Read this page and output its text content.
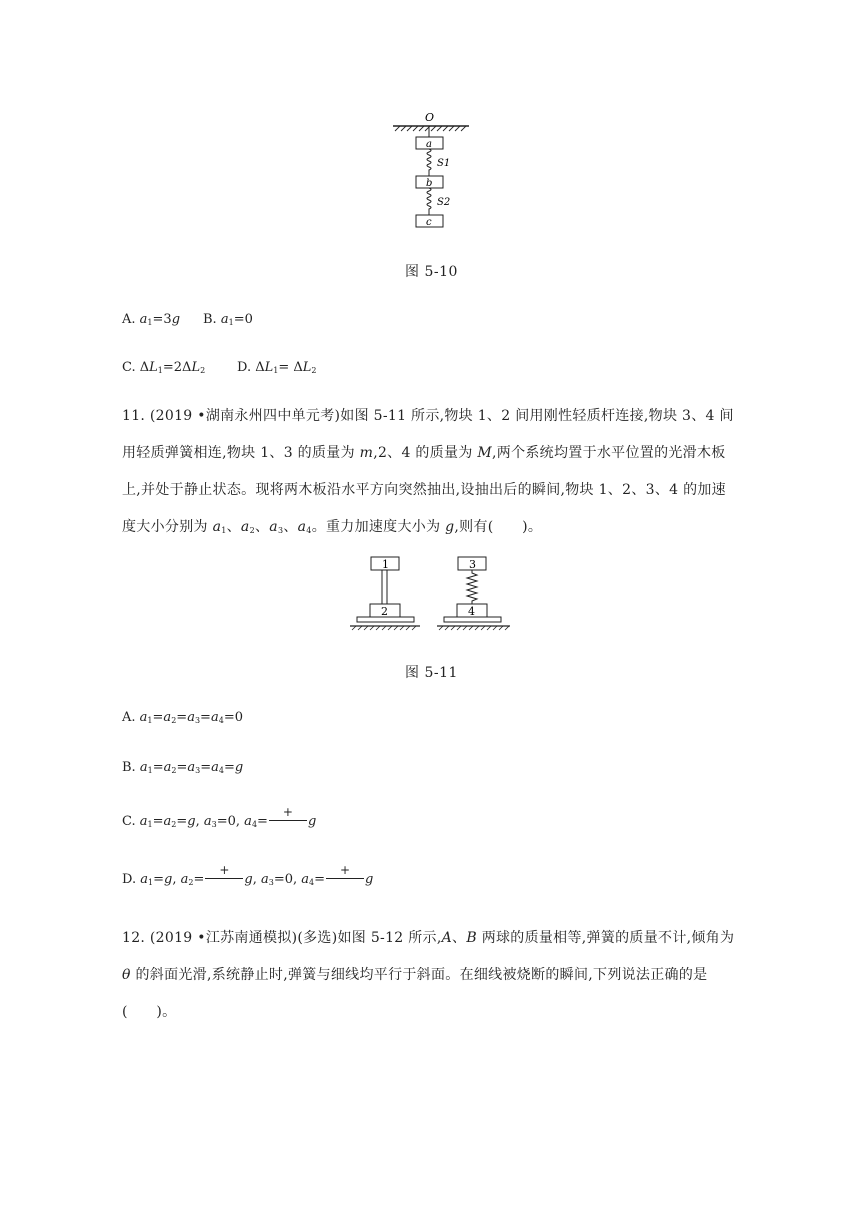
O
a
S1
b
S2
c
图 5-10
A. $a_1=3g$ B. $a_1=0$
C. $\Delta L_1=2\Delta L_2$ D. $\Delta L_1= \Delta L_2$
11. (2019 •湖南永州四中单元考)如图 5-11 所示,物块 1、2 间用刚性轻质杆连接,物块 3、4 间用轻质弹簧相连,物块 1、3 的质量为 m,2、4 的质量为 M,两个系统均置于水平位置的光滑木板上,并处于静止状态。现将两木板沿水平方向突然抽出,设抽出后的瞬间,物块 1、2、3、4 的加速度大小分别为 $a_1$、$a_2$、$a_3$、$a_4$。重力加速度大小为 g,则有(　　)。
1
2
3
4
图 5-11
A. $a_1=a_2=a_3=a_4=0$
B. $a_1=a_2=a_3=a_4=g$
C. $a_1=a_2=g$, $a_3=0$, $a_4=$
+
g
D. $a_1=g$, $a_2=$
+
g, $a_3=0$, $a_4=$
+
g
12. (2019 •江苏南通模拟)(多选)如图 5-12 所示,A、B 两球的质量相等,弹簧的质量不计,倾角为 θ 的斜面光滑,系统静止时,弹簧与细线均平行于斜面。在细线被烧断的瞬间,下列说法正确的是(　　)。
